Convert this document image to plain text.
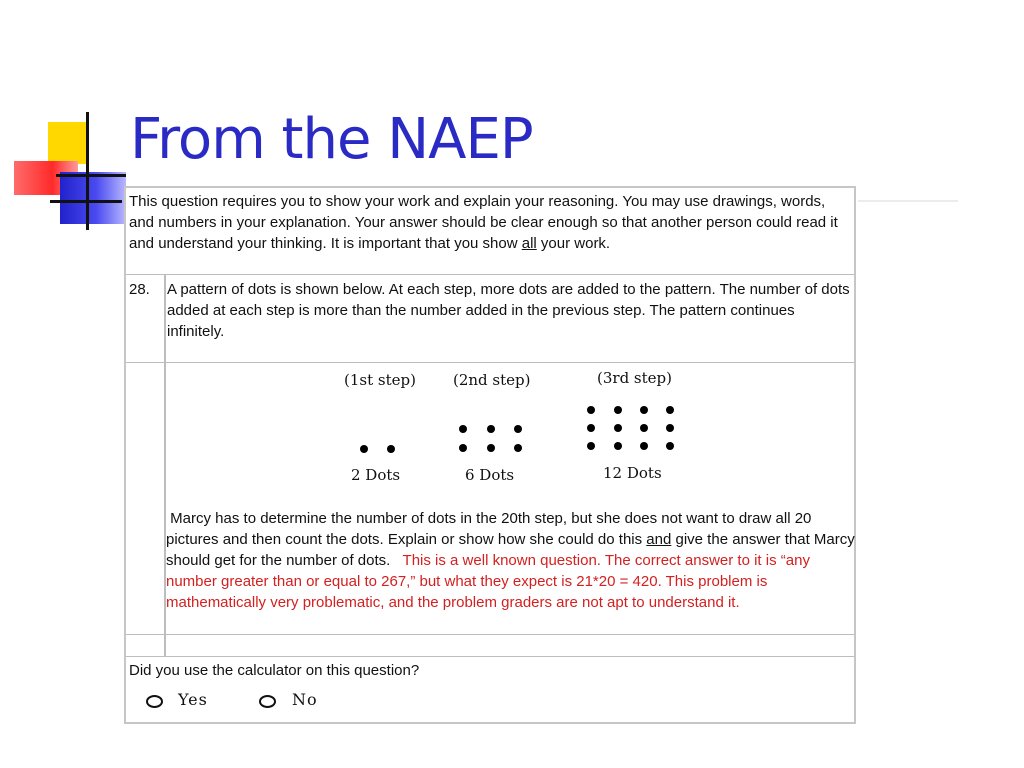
From the NAEP

This question requires you to show your work and explain your reasoning. You may use drawings, words, and numbers in your explanation. Your answer should be clear enough so that another person could read it and understand your thinking. It is important that you show all your work.

28. A pattern of dots is shown below. At each step, more dots are added to the pattern. The number of dots added at each step is more than the number added in the previous step. The pattern continues infinitely.

(1st step) (2nd step)	(3rd step)
2 Dots	6 Dots	12 Dots

Marcy has to determine the number of dots in the 20th step, but she does not want to draw all 20 pictures and then count the dots. Explain or show how she could do this and give the answer that Marcy should get for the number of dots. This is a well known question. The correct answer to it is “any number greater than or equal to 267,” but what they expect is 21*20 = 420. This problem is mathematically very problematic, and the problem graders are not apt to understand it.

Did you use the calculator on this question?
Yes	No
